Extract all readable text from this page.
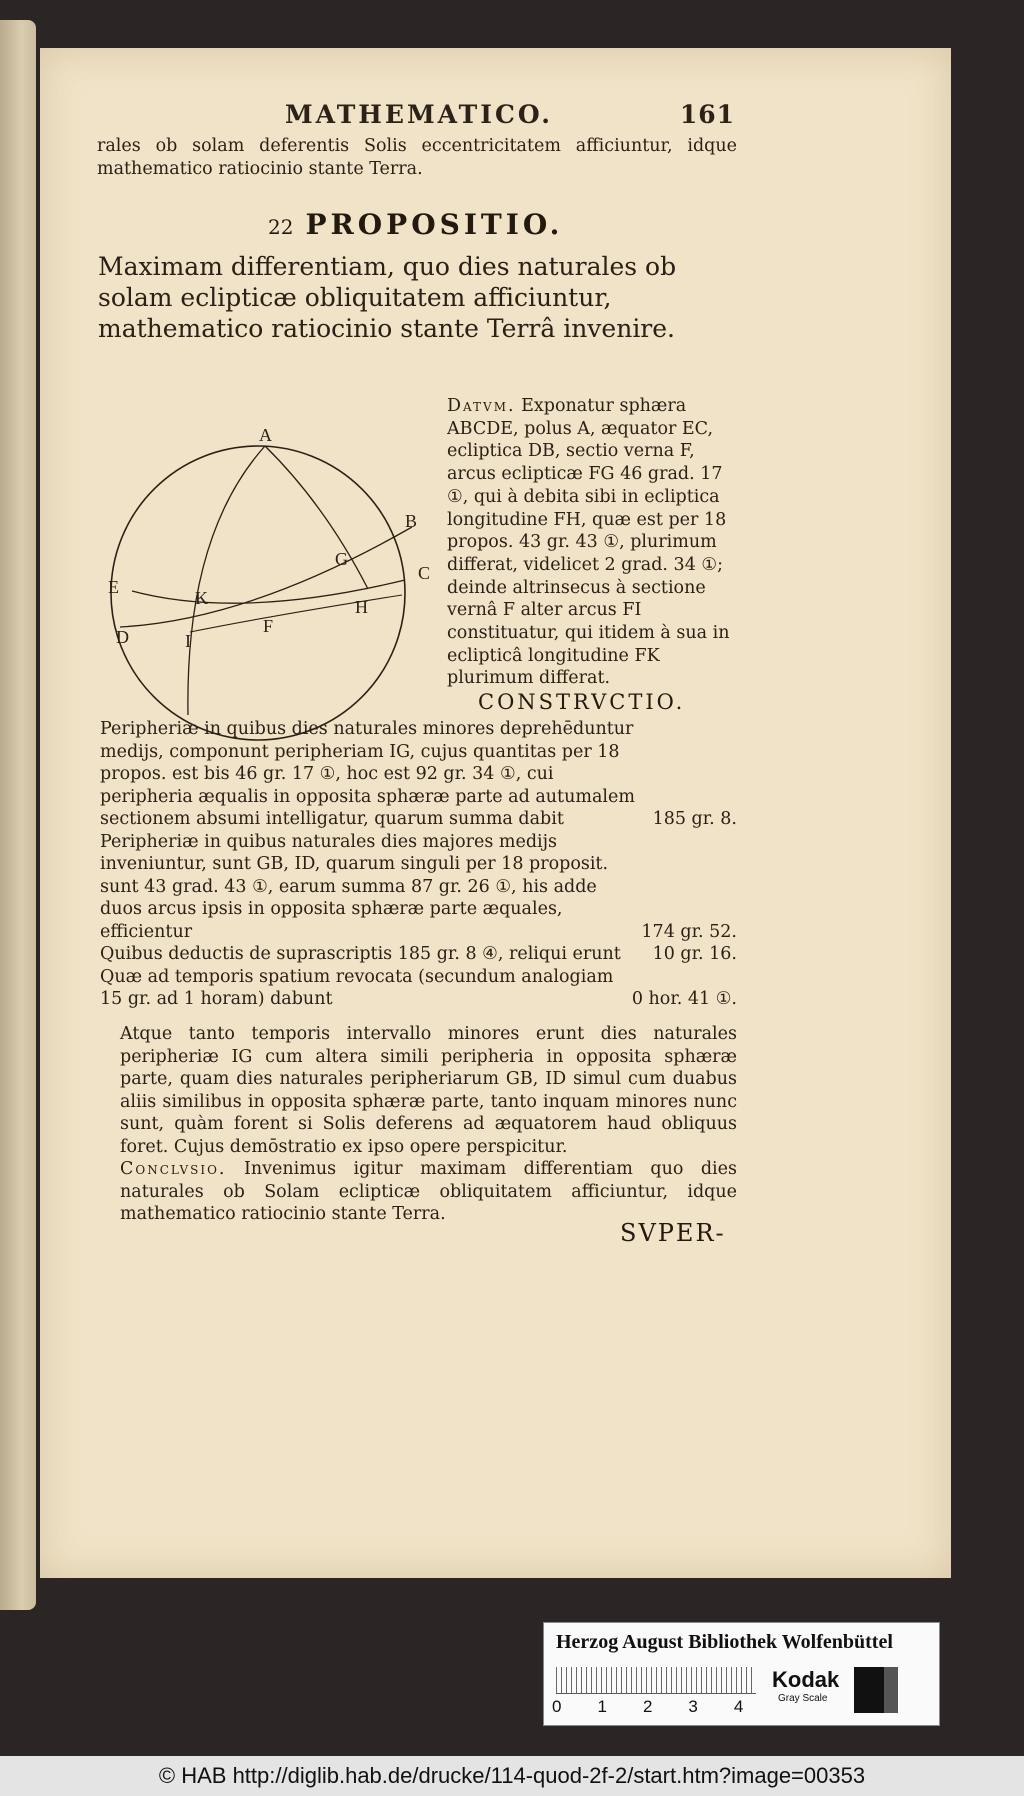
MATHEMATICO.	161
rales ob solam deferentis Solis eccentricitatem afficiuntur, idque mathematico ratiocinio stante Terra.
22 PROPOSITIO.
Maximam differentiam, quo dies naturales ob solam eclipticæ obliquitatem afficiuntur, mathematico ratiocinio stante Terrâ invenire.
A
B
C
D
E
F
G
H
I
K
Datvm. Exponatur sphæra ABCDE, polus A, æquator EC, ecliptica DB, sectio verna F, arcus eclipticæ FG 46 grad. 17 ①, qui à debita sibi in ecliptica longitudine FH, quæ est per 18 propos. 43 gr. 43 ①, plurimum differat, videlicet 2 grad. 34 ①; deinde altrinsecus à sectione vernâ F alter arcus FI constituatur, qui itidem à sua in eclipticâ longitudine FK plurimum differat.
CONSTRVCTIO.
Peripheriæ in quibus dies naturales minores deprehēduntur medijs, componunt peripheriam IG, cujus quantitas per 18 propos. est bis 46 gr. 17 ①, hoc est 92 gr. 34 ①, cui peripheria æqualis in opposita sphæræ parte ad autumalem sectionem absumi intelligatur, quarum summa dabit	185 gr. 8.
Peripheriæ in quibus naturales dies majores medijs inveniuntur, sunt GB, ID, quarum singuli per 18 proposit. sunt 43 grad. 43 ①, earum summa 87 gr. 26 ①, his adde duos arcus ipsis in opposita sphæræ parte æquales, efficientur	174 gr. 52.
Quibus deductis de suprascriptis 185 gr. 8 ④, reliqui erunt 10 gr. 16.
Quæ ad temporis spatium revocata (secundum analogiam 15 gr. ad 1 horam) dabunt	0 hor. 41 ①.
Atque tanto temporis intervallo minores erunt dies naturales peripheriæ IG cum altera simili peripheria in opposita sphæræ parte, quam dies naturales peripheriarum GB, ID simul cum duabus aliis similibus in opposita sphæræ parte, tanto inquam minores nunc sunt, quàm forent si Solis deferens ad æquatorem haud obliquus foret. Cujus demōstratio ex ipso opere perspicitur.
Conclvsio. Invenimus igitur maximam differentiam quo dies naturales ob Solam eclipticæ obliquitatem afficiuntur, idque mathematico ratiocinio stante Terra.
SVPER-
Herzog August Bibliothek Wolfenbüttel
0 1 2 3 4
Kodak
Gray Scale
© HAB http://diglib.hab.de/drucke/114-quod-2f-2/start.htm?image=00353
